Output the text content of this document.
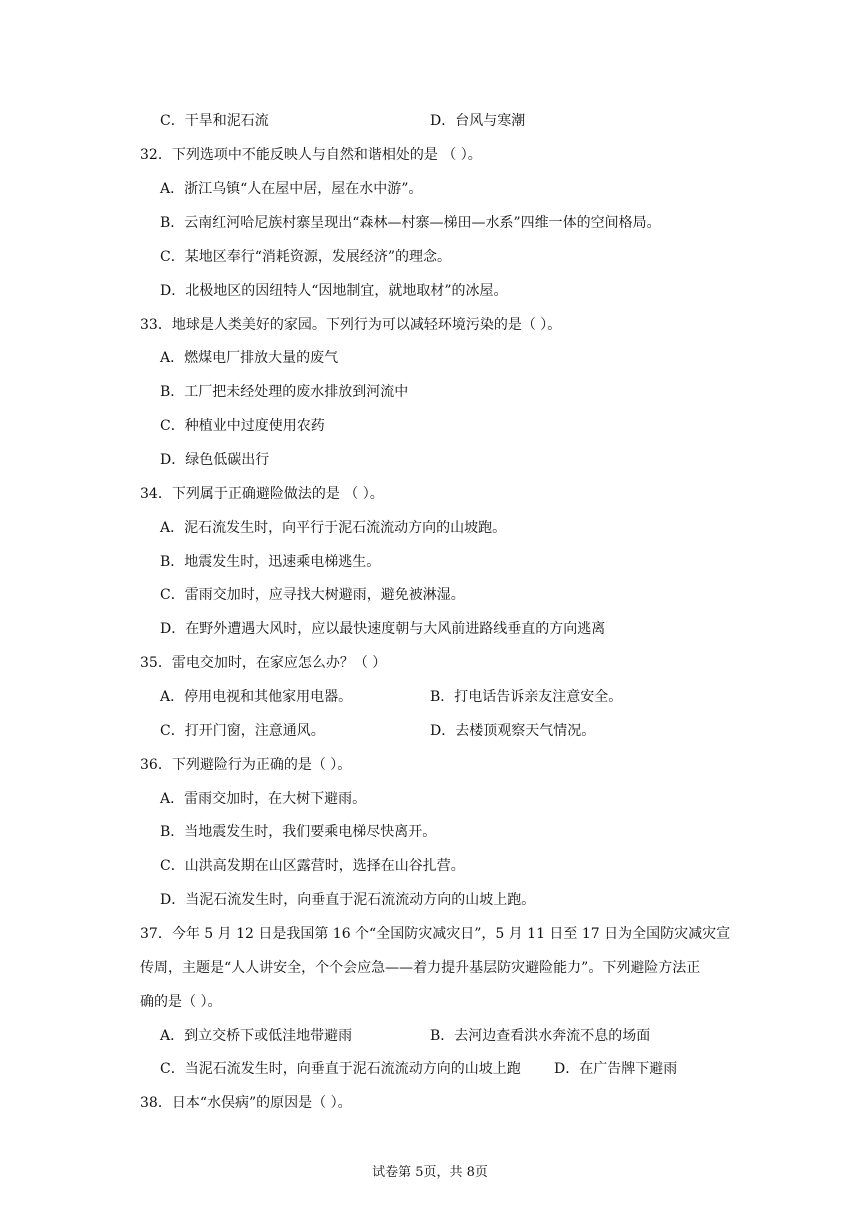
C．干旱和泥石流	D．台风与寒潮
32．下列选项中不能反映人与自然和谐相处的是 （ ）。
A．浙江乌镇“人在屋中居，屋在水中游”。
B．云南红河哈尼族村寨呈现出“森林—村寨—梯田—水系”四维一体的空间格局。
C．某地区奉行“消耗资源，发展经济”的理念。
D．北极地区的因纽特人“因地制宜，就地取材”的冰屋。
33．地球是人类美好的家园。下列行为可以减轻环境污染的是（ ）。
A．燃煤电厂排放大量的废气
B．工厂把未经处理的废水排放到河流中
C．种植业中过度使用农药
D．绿色低碳出行
34．下列属于正确避险做法的是 （ ）。
A．泥石流发生时，向平行于泥石流流动方向的山坡跑。
B．地震发生时，迅速乘电梯逃生。
C．雷雨交加时，应寻找大树避雨，避免被淋湿。
D．在野外遭遇大风时，应以最快速度朝与大风前进路线垂直的方向逃离
35．雷电交加时，在家应怎么办？（ ）
A．停用电视和其他家用电器。	B．打电话告诉亲友注意安全。
C．打开门窗，注意通风。	D．去楼顶观察天气情况。
36．下列避险行为正确的是（ ）。
A．雷雨交加时，在大树下避雨。
B．当地震发生时，我们要乘电梯尽快离开。
C．山洪高发期在山区露营时，选择在山谷扎营。
D．当泥石流发生时，向垂直于泥石流流动方向的山坡上跑。
37．今年 5 月 12 日是我国第 16 个“全国防灾减灾日”，5 月 11 日至 17 日为全国防灾减灾宣
传周，主题是“人人讲安全，个个会应急——着力提升基层防灾避险能力”。下列避险方法正
确的是（ ）。
A．到立交桥下或低洼地带避雨	B．去河边查看洪水奔流不息的场面
C．当泥石流发生时，向垂直于泥石流流动方向的山坡上跑 D．在广告牌下避雨
38．日本“水俣病”的原因是（ ）。
试卷第 5页，共 8页
